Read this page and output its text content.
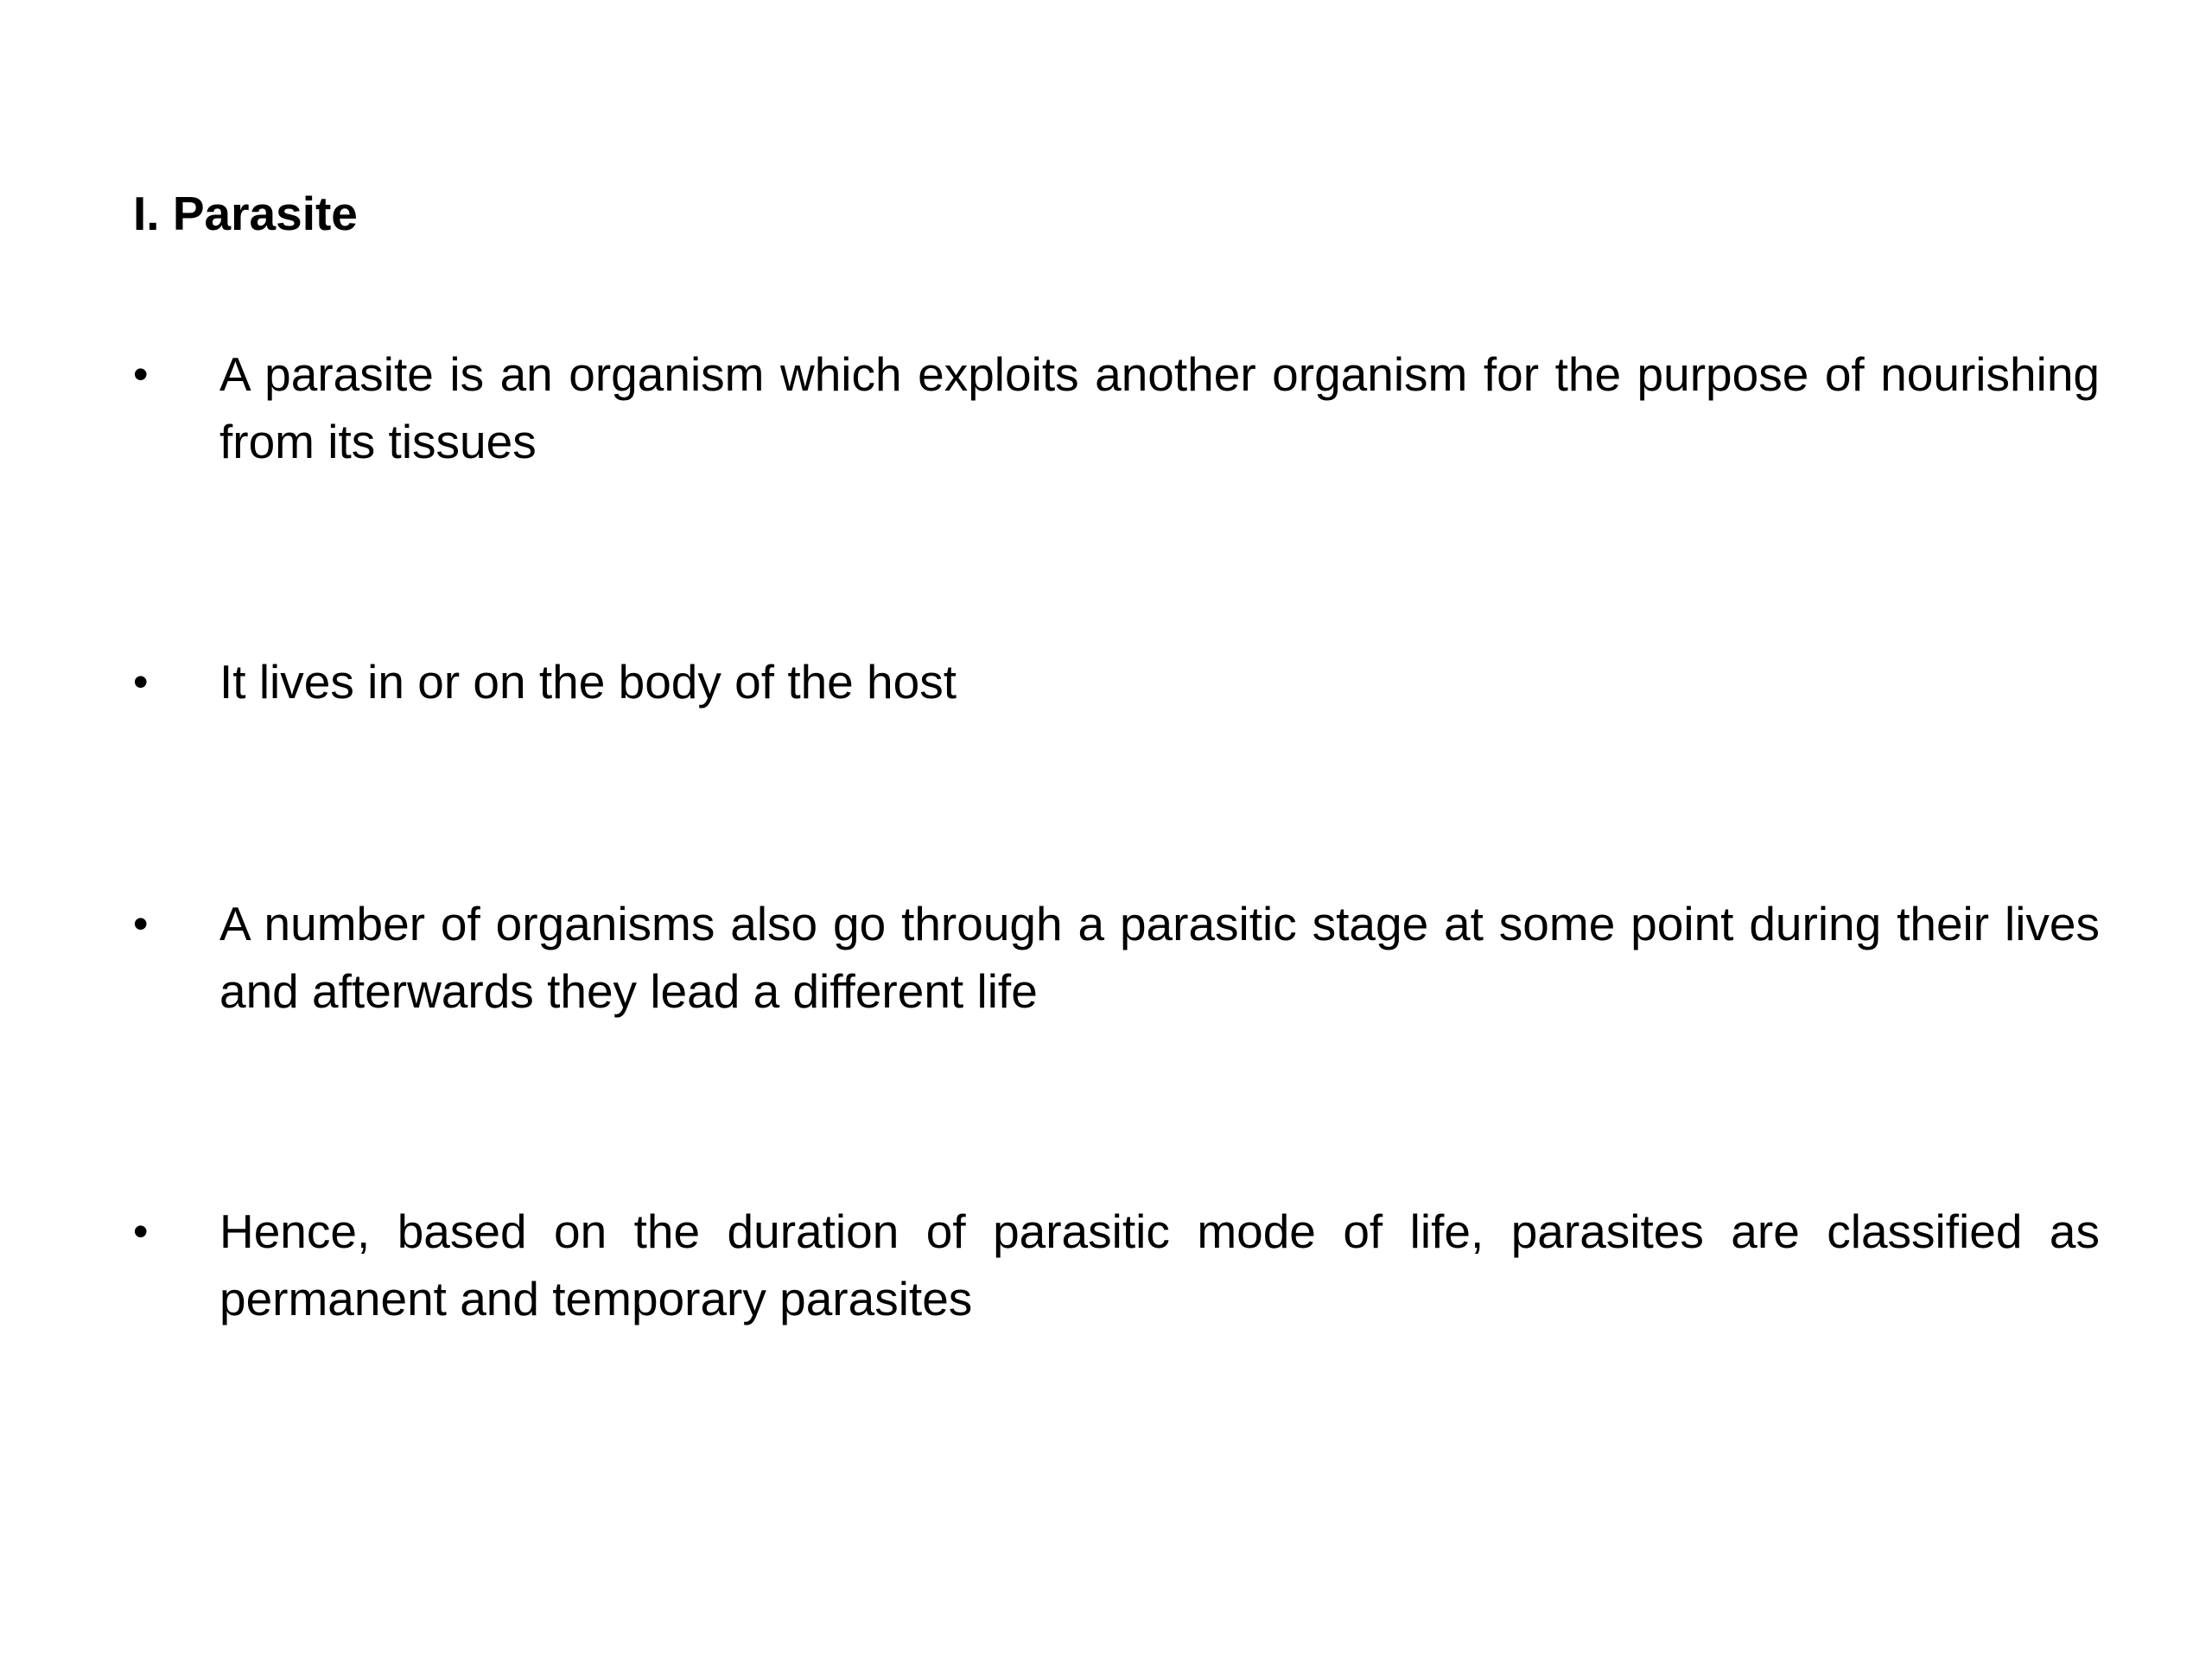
I. Parasite
•	A parasite is an organism which exploits another organism for the purpose of nourishing from its tissues
•	It lives in or on the body of the host
•	A number of organisms also go through a parasitic stage at some point during their lives and afterwards they lead a different life
•	Hence, based on the duration of parasitic mode of life, parasites are classified as permanent and temporary parasites
